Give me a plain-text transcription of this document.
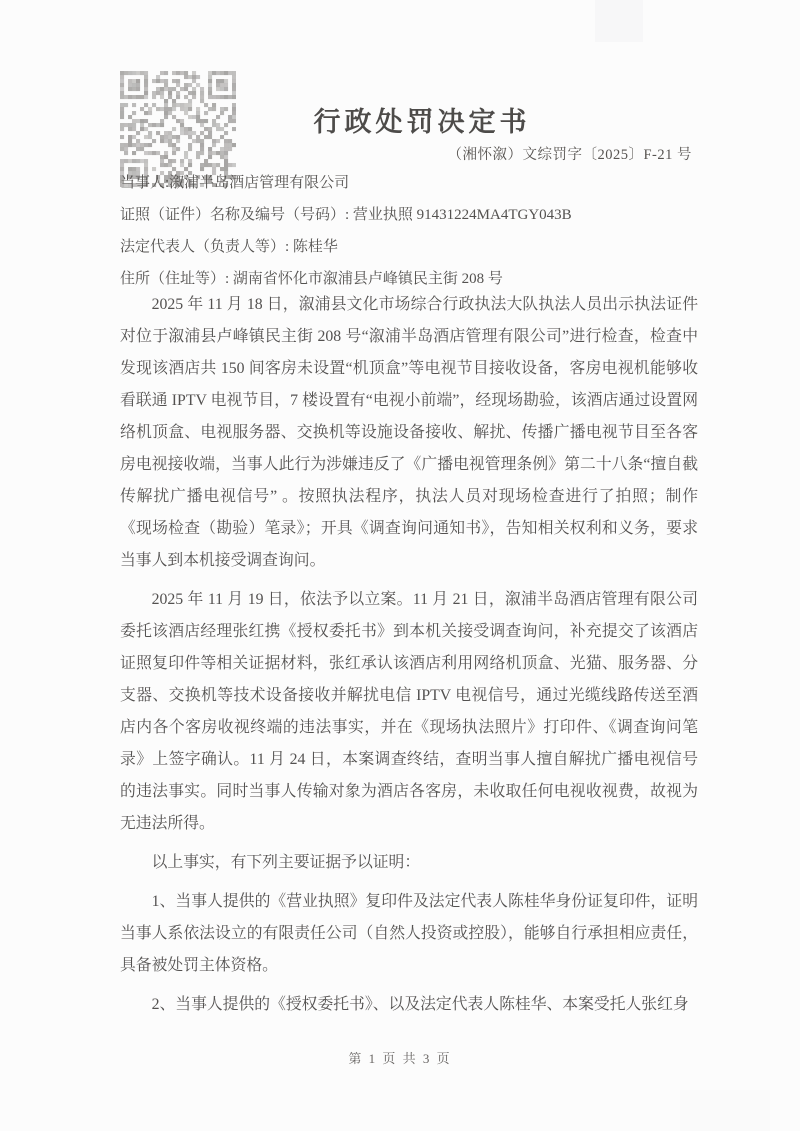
行政处罚决定书
（湘怀溆）文综罚字〔2025〕F-21 号
当事人:溆浦半岛酒店管理有限公司
证照（证件）名称及编号（号码）: 营业执照 91431224MA4TGY043B
法定代表人（负责人等）: 陈桂华
住所（住址等）: 湖南省怀化市溆浦县卢峰镇民主街 208 号

2025 年 11 月 18 日，溆浦县文化市场综合行政执法大队执法人员出示执法证件对位于溆浦县卢峰镇民主街 208 号“溆浦半岛酒店管理有限公司”进行检查，检查中发现该酒店共 150 间客房未设置“机顶盒”等电视节目接收设备，客房电视机能够收看联通 IPTV 电视节目，7 楼设置有“电视小前端”，经现场勘验，该酒店通过设置网络机顶盒、电视服务器、交换机等设施设备接收、解扰、传播广播电视节目至各客房电视接收端，当事人此行为涉嫌违反了《广播电视管理条例》第二十八条“擅自截传解扰广播电视信号” 。按照执法程序，执法人员对现场检查进行了拍照；制作《现场检查（勘验）笔录》；开具《调查询问通知书》，告知相关权利和义务，要求当事人到本机接受调查询问。

2025 年 11 月 19 日，依法予以立案。11 月 21 日，溆浦半岛酒店管理有限公司委托该酒店经理张红携《授权委托书》到本机关接受调查询问，补充提交了该酒店证照复印件等相关证据材料，张红承认该酒店利用网络机顶盒、光猫、服务器、分支器、交换机等技术设备接收并解扰电信 IPTV 电视信号，通过光缆线路传送至酒店内各个客房收视终端的违法事实，并在《现场执法照片》打印件、《调查询问笔录》上签字确认。11 月 24 日，本案调查终结，查明当事人擅自解扰广播电视信号的违法事实。同时当事人传输对象为酒店各客房，未收取任何电视收视费，故视为无违法所得。

以上事实，有下列主要证据予以证明：

1、当事人提供的《营业执照》复印件及法定代表人陈桂华身份证复印件，证明当事人系依法设立的有限责任公司（自然人投资或控股），能够自行承担相应责任，具备被处罚主体资格。

2、当事人提供的《授权委托书》、以及法定代表人陈桂华、本案受托人张红身

第 1 页 共 3 页
